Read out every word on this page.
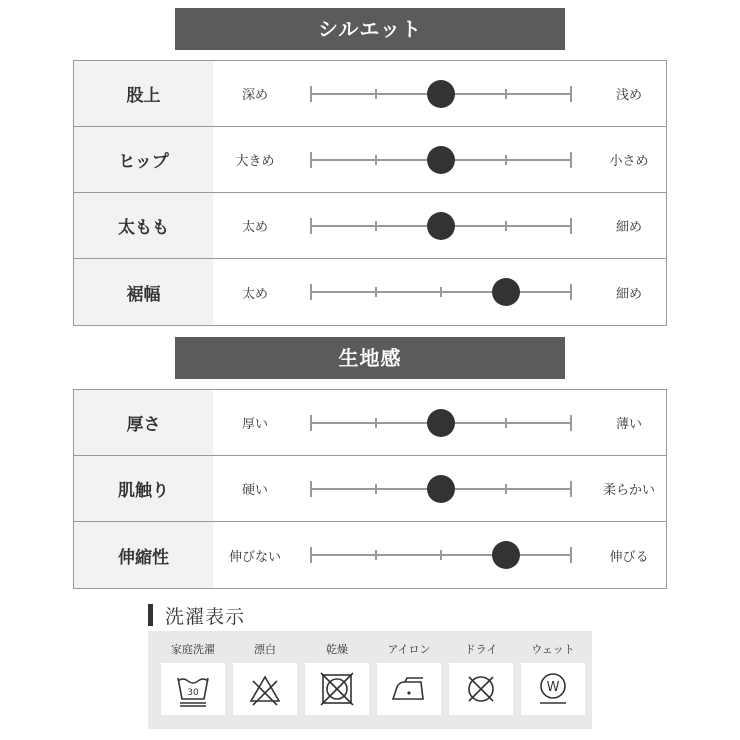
シルエット
股上	深め	浅め
ヒップ	大きめ	小さめ
太もも	太め	細め
裾幅	太め	細め
生地感
厚さ	厚い	薄い
肌触り	硬い	柔らかい
伸縮性	伸びない	伸びる
洗濯表示
家庭洗濯
30
漂白	乾燥	アイロン	ドライ	ウェット
W
